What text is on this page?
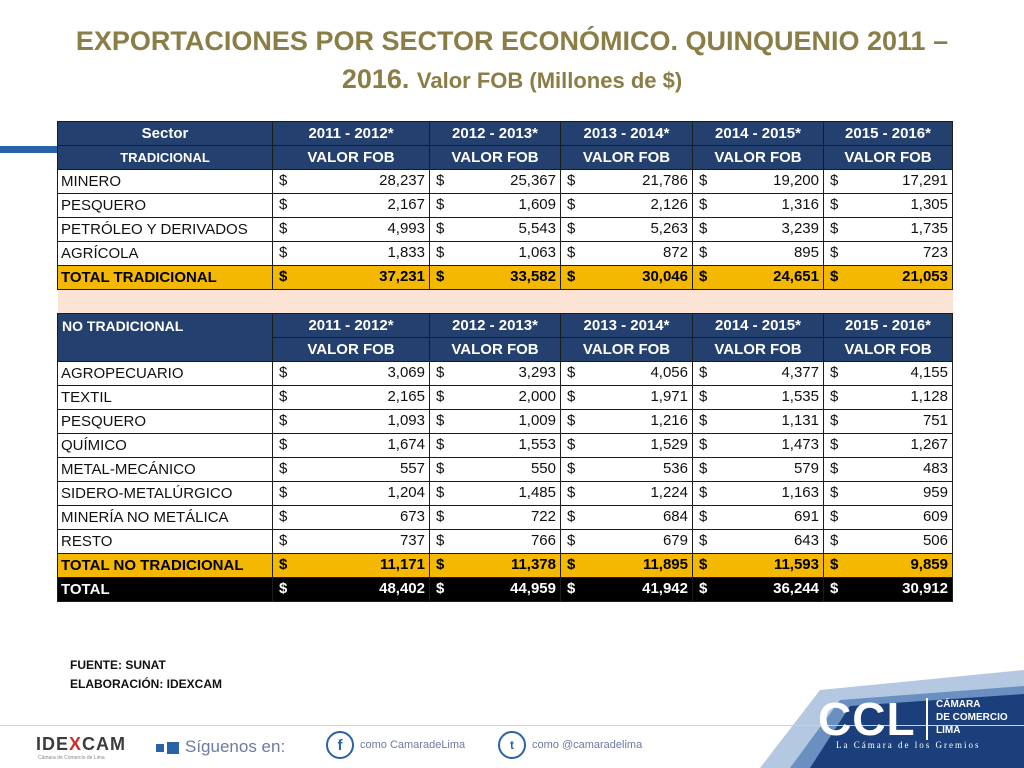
EXPORTACIONES POR SECTOR ECONÓMICO. QUINQUENIO 2011 –
2016. Valor FOB (Millones de $)
Sector	2011 - 2012*	2012 - 2013*	2013 - 2014*	2014 - 2015*	2015 - 2016*
TRADICIONAL	VALOR FOB	VALOR FOB	VALOR FOB	VALOR FOB	VALOR FOB
MINERO	$ 28,237	$ 25,367	$ 21,786	$ 19,200	$ 17,291

PESQUERO	$ 2,167	$ 1,609	$ 2,126	$ 1,316	$ 1,305

PETRÓLEO Y DERIVADOS	$ 4,993	$ 5,543	$ 5,263	$ 3,239	$ 1,735

AGRÍCOLA	$ 1,833	$ 1,063	$ 872	$ 895	$ 723

TOTAL TRADICIONAL	$ 37,231	$ 33,582	$ 30,046	$ 24,651	$ 21,053

NO TRADICIONAL	2011 - 2012*	2012 - 2013*	2013 - 2014*	2014 - 2015*	2015 - 2016*
	VALOR FOB	VALOR FOB	VALOR FOB	VALOR FOB	VALOR FOB
AGROPECUARIO	$ 3,069	$ 3,293	$ 4,056	$ 4,377	$ 4,155

TEXTIL	$ 2,165	$ 2,000	$ 1,971	$ 1,535	$ 1,128

PESQUERO	$ 1,093	$ 1,009	$ 1,216	$ 1,131	$ 751

QUÍMICO	$ 1,674	$ 1,553	$ 1,529	$ 1,473	$ 1,267

METAL-MECÁNICO	$ 557	$ 550	$ 536	$ 579	$ 483

SIDERO-METALÚRGICO	$ 1,204	$ 1,485	$ 1,224	$ 1,163	$ 959

MINERÍA NO METÁLICA	$ 673	$ 722	$ 684	$ 691	$ 609

RESTO	$ 737	$ 766	$ 679	$ 643	$ 506

TOTAL NO TRADICIONAL	$ 11,171	$ 11,378	$ 11,895	$ 11,593	$ 9,859

TOTAL	$ 48,402	$ 44,959	$ 41,942	$ 36,244	$ 30,912
FUENTE: SUNAT
ELABORACIÓN: IDEXCAM
IDEXCAM
Cámara de Comercio de Lima
Síguenos en:	f	como CamaradeLima	t	como @camaradelima	CCL CÁMARA
DE COMERCIO
LIMA
La Cámara de los Gremios
